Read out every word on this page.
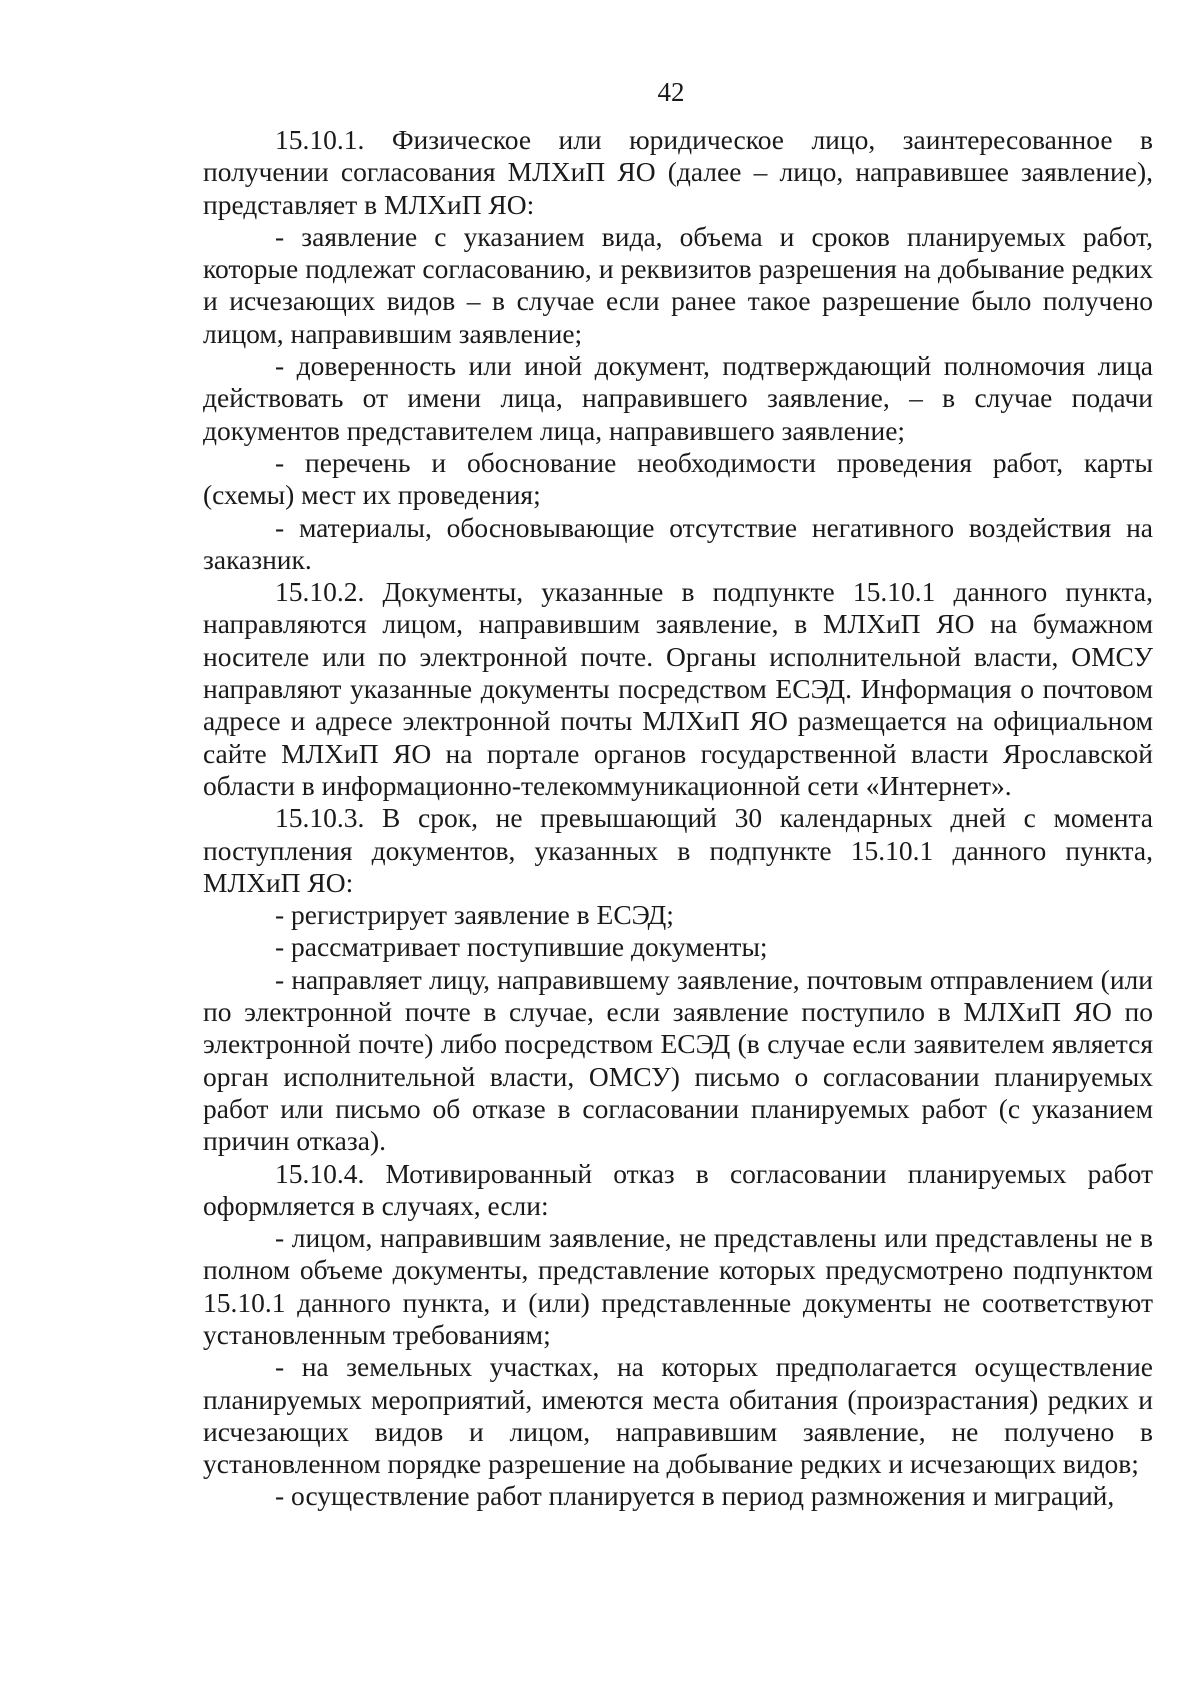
42

15.10.1. Физическое или юридическое лицо, заинтересованное в получении согласования МЛХиП ЯО (далее – лицо, направившее заявление), представляет в МЛХиП ЯО:

- заявление с указанием вида, объема и сроков планируемых работ, которые подлежат согласованию, и реквизитов разрешения на добывание редких и исчезающих видов – в случае если ранее такое разрешение было получено лицом, направившим заявление;

- доверенность или иной документ, подтверждающий полномочия лица действовать от имени лица, направившего заявление, – в случае подачи документов представителем лица, направившего заявление;

- перечень и обоснование необходимости проведения работ, карты (схемы) мест их проведения;

- материалы, обосновывающие отсутствие негативного воздействия на заказник.

15.10.2. Документы, указанные в подпункте 15.10.1 данного пункта, направляются лицом, направившим заявление, в МЛХиП ЯО на бумажном носителе или по электронной почте. Органы исполнительной власти, ОМСУ направляют указанные документы посредством ЕСЭД. Информация о почтовом адресе и адресе электронной почты МЛХиП ЯО размещается на официальном сайте МЛХиП ЯО на портале органов государственной власти Ярославской области в информационно-телекоммуникационной сети «Интернет».

15.10.3. В срок, не превышающий 30 календарных дней с момента поступления документов, указанных в подпункте 15.10.1 данного пункта, МЛХиП ЯО:

- регистрирует заявление в ЕСЭД;

- рассматривает поступившие документы;

- направляет лицу, направившему заявление, почтовым отправлением (или по электронной почте в случае, если заявление поступило в МЛХиП ЯО по электронной почте) либо посредством ЕСЭД (в случае если заявителем является орган исполнительной власти, ОМСУ) письмо о согласовании планируемых работ или письмо об отказе в согласовании планируемых работ (с указанием причин отказа).

15.10.4. Мотивированный отказ в согласовании планируемых работ оформляется в случаях, если:

- лицом, направившим заявление, не представлены или представлены не в полном объеме документы, представление которых предусмотрено подпунктом 15.10.1 данного пункта, и (или) представленные документы не соответствуют установленным требованиям;

- на земельных участках, на которых предполагается осуществление планируемых мероприятий, имеются места обитания (произрастания) редких и исчезающих видов и лицом, направившим заявление, не получено в установленном порядке разрешение на добывание редких и исчезающих видов;

- осуществление работ планируется в период размножения и миграций,
